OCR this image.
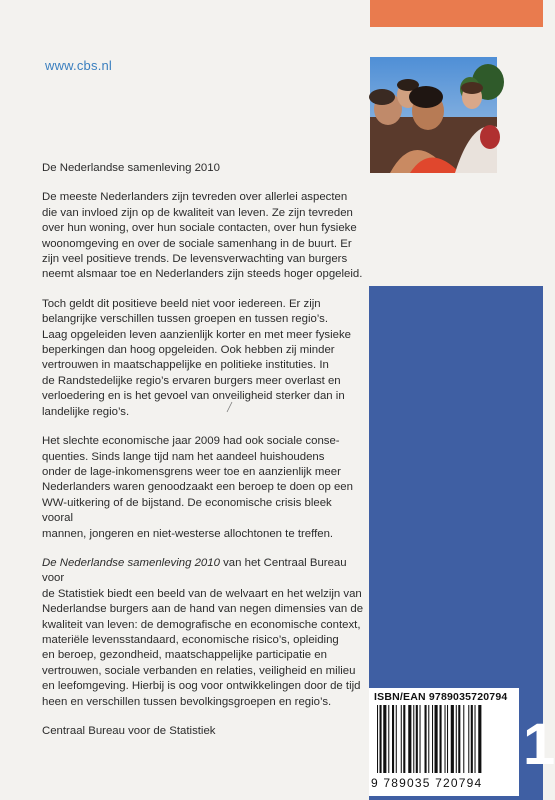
www.cbs.nl

De Nederlandse samenleving 2010

De meeste Nederlanders zijn tevreden over allerlei aspecten
die van invloed zijn op de kwaliteit van leven. Ze zijn tevreden
over hun woning, over hun sociale contacten, over hun fysieke
woonomgeving en over de sociale samenhang in de buurt. Er
zijn veel positieve trends. De levensverwachting van burgers
neemt alsmaar toe en Nederlanders zijn steeds hoger opgeleid.

Toch geldt dit positieve beeld niet voor iedereen. Er zijn
belangrijke verschillen tussen groepen en tussen regio’s.
Laag opgeleiden leven aanzienlijk korter en met meer fysieke
beperkingen dan hoog opgeleiden. Ook hebben zij minder
vertrouwen in maatschappelijke en politieke instituties. In
de Randstedelijke regio’s ervaren burgers meer overlast en
verloedering en is het gevoel van onveiligheid sterker dan in
landelijke regio’s.

Het slechte economische jaar 2009 had ook sociale conse-
quenties. Sinds lange tijd nam het aandeel huishoudens
onder de lage-inkomensgrens weer toe en aanzienlijk meer
Nederlanders waren genoodzaakt een beroep te doen op een
WW-uitkering of de bijstand. De economische crisis bleek vooral
mannen, jongeren en niet-westerse allochtonen te treffen.

De Nederlandse samenleving 2010 van het Centraal Bureau voor
de Statistiek biedt een beeld van de welvaart en het welzijn van
Nederlandse burgers aan de hand van negen dimensies van de
kwaliteit van leven: de demografische en economische context,
materiële levensstandaard, economische risico’s, opleiding
en beroep, gezondheid, maatschappelijke participatie en
vertrouwen, sociale verbanden en relaties, veiligheid en milieu
en leefomgeving. Hierbij is oog voor ontwikkelingen door de tijd
heen en verschillen tussen bevolkingsgroepen en regio’s.

Centraal Bureau voor de Statistiek

ISBN/EAN 9789035720794
9 789035 720794
1
